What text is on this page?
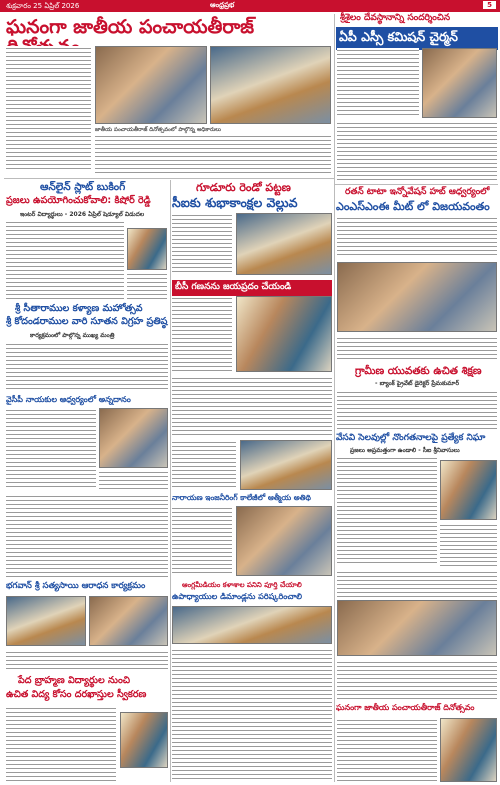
శుక్రవారం 25 ఏప్రిల్ 2026	ఆంధ్రప్రభ	5
ఘనంగా జాతీయ పంచాయతీరాజ్	శ్రీశైలం దేవస్థానాన్ని సందర్శించిన
ఏపీ ఎస్సీ కమిషన్ చైర్మన్
జాతీయ పంచాయతీరాజ్ దినోత్సవంలో పాల్గొన్న అధికారులు
ఆన్‌లైన్ స్లాట్ బుకింగ్
ప్రజలు ఉపయోగించుకోవాలి: కిషోర్ రెడ్డి
ఇంటర్ విద్యార్థులు - 2026 ఏప్రిల్ షెడ్యూల్ విడుదల
గూడూరు రెండో పట్టణ
సీఐకు శుభాకాంక్షల వెల్లువ
బీసీ గణనను జయప్రదం చేయండి
శ్రీ సీతారాముల కళ్యాణ మహోత్సవ
శ్రీ కోదండరాముల వారి సూతన విగ్రహ ప్రతిష్ఠ
కార్యక్రమంలో పాల్గొన్న ముఖ్య మంత్రి
వైసీపీ నాయకుల ఆధ్వర్యంలో అన్నదానం
రతన్ టాటా ఇన్నోవేషన్ హబ్ ఆధ్వర్యంలో
ఎంఎస్ఎంఈ మీట్ లో విజయవంతం
గ్రామీణ యువతకు ఉచిత శిక్షణ
- బ్యాంక్ ప్రైవేట్ డైరెక్టర్ ప్రేమకుమార్
వేసవి సెలవుల్లో నొంగతనాలపై ప్రత్యేక నిఘా
ప్రజలు అప్రమత్తంగా ఉండాలి - సీఐ శ్రీనివాసులు
భగవాన్ శ్రీ సత్యసాయి ఆరాధన కార్యక్రమం
పేద బ్రాహ్మణ విద్యార్థుల నుంచి
ఉచిత విద్య కోసం దరఖాస్తుల స్వీకరణ
నారాయణ ఇంజనీరింగ్ కాలేజీలో ఆత్మీయ అతిథి
ఆంగ్లమీడియం కళాశాల పనిని పూర్తి చేయాలి
ఉపాధ్యాయుల డిమాండ్లను పరిష్కరించాలి
ఘనంగా జాతీయ పంచాయతీరాజ్ దినోత్సవం
